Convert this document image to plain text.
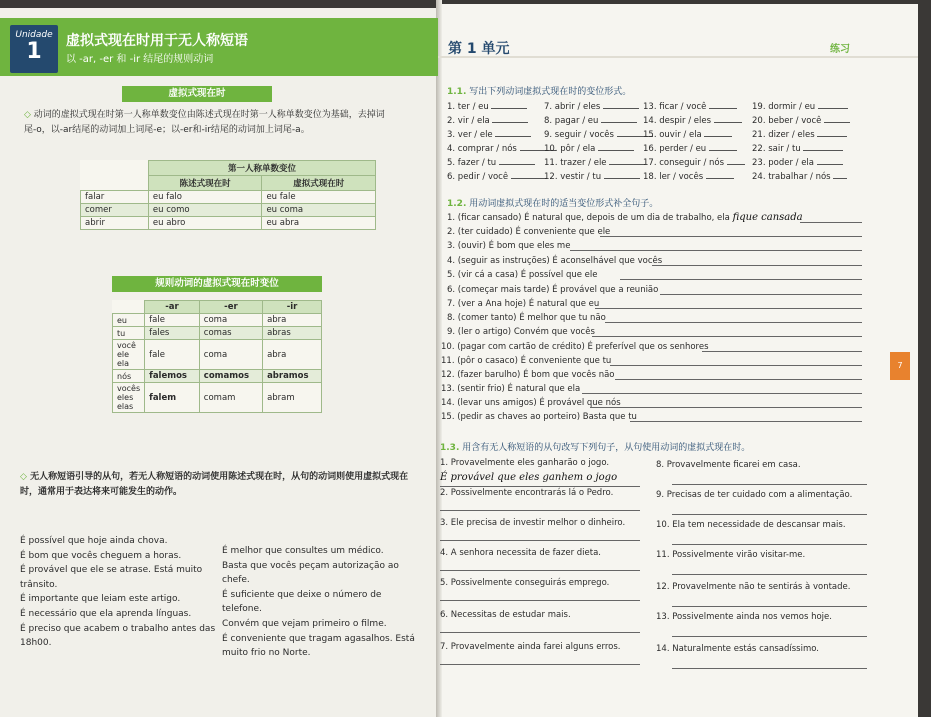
Unidade
1	虚拟式现在时用于无人称短语
以 -ar, -er 和 -ir 结尾的规则动词
虚拟式现在时
◇ 动词的虚拟式现在时第一人称单数变位由陈述式现在时第一人称单数变位为基础，去掉词尾-o，以-ar结尾的动词加上词尾-e；以-er和-ir结尾的动词加上词尾-a。
	第一人称单数变位	
	陈述式现在时	虚拟式现在时
falar	eu falo	eu fale
comer	eu como	eu coma
abrir	eu abro	eu abra
规则动词的虚拟式现在时变位
	-ar	-er	-ir
eu	fale	coma	abra
tu	fales	comas	abras

você
ele
ela	fale	coma	abra
nós	falemos	comamos	abramos

vocês
eles
elas	falem	comam	abram
◇ 无人称短语引导的从句，若无人称短语的动词使用陈述式现在时，从句的动词则使用虚拟式现在时，通常用于表达将来可能发生的动作。
É possível que hoje ainda chova.
É bom que vocês cheguem a horas.
É provável que ele se atrase. Está muito trânsito.
É importante que leiam este artigo.
É necessário que ela aprenda línguas.
É preciso que acabem o trabalho antes das 18h00.
É melhor que consultes um médico.
Basta que vocês peçam autorização ao chefe.
É suficiente que deixe o número de telefone.
Convém que vejam primeiro o filme.
É conveniente que tragam agasalhos. Está muito frio no Norte.
第 1 单元	练习
1.1. 写出下列动词虚拟式现在时的变位形式。
1. ter / eu
2. vir / ela
3. ver / ele
4. comprar / nós
5. fazer / tu
6. pedir / você
7. abrir / eles
8. pagar / eu
9. seguir / vocês
10. pôr / ela
11. trazer / ele
12. vestir / tu
13. ficar / você
14. despir / eles
15. ouvir / ela
16. perder / eu
17. conseguir / nós
18. ler / vocês
19. dormir / eu
20. beber / você
21. dizer / eles
22. sair / tu
23. poder / ela
24. trabalhar / nós
1.2. 用动词虚拟式现在时的适当变位形式补全句子。
1. (ficar cansado) É natural que, depois de um dia de trabalho, ela fique cansada
2. (ter cuidado) É conveniente que ele
3. (ouvir) É bom que eles me
4. (seguir as instruções) É aconselhável que vocês
5. (vir cá a casa) É possível que ele
6. (começar mais tarde) É provável que a reunião
7. (ver a Ana hoje) É natural que eu
8. (comer tanto) É melhor que tu não
9. (ler o artigo) Convém que vocês
10. (pagar com cartão de crédito) É preferível que os senhores
11. (pôr o casaco) É conveniente que tu
12. (fazer barulho) É bom que vocês não
13. (sentir frio) É natural que ela
14. (levar uns amigos) É provável que nós
15. (pedir as chaves ao porteiro) Basta que tu
1.3. 用含有无人称短语的从句改写下列句子，从句使用动词的虚拟式现在时。
1. Provavelmente eles ganharão o jogo.
É provável que eles ganhem o jogo
2. Possivelmente encontrarás lá o Pedro.
3. Ele precisa de investir melhor o dinheiro.
4. A senhora necessita de fazer dieta.
5. Possivelmente conseguirás emprego.
6. Necessitas de estudar mais.
7. Provavelmente ainda farei alguns erros.
8. Provavelmente ficarei em casa.
9. Precisas de ter cuidado com a alimentação.
10. Ela tem necessidade de descansar mais.
11. Possivelmente virão visitar-me.
12. Provavelmente não te sentirás à vontade.
13. Possivelmente ainda nos vemos hoje.
14. Naturalmente estás cansadíssimo.
7
